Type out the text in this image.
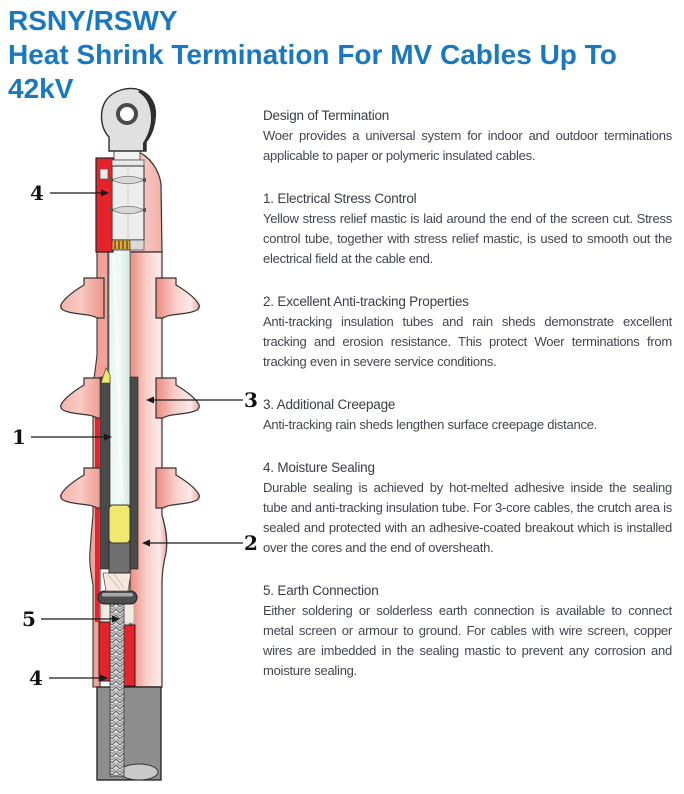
RSNY/RSWY
Heat Shrink Termination For MV Cables Up To 42kV
4
1
3
2
5
4
Design of Termination

Woer provides a universal system for indoor and outdoor terminations applicable to paper or polymeric insulated cables.

1. Electrical Stress Control

Yellow stress relief mastic is laid around the end of the screen cut. Stress control tube, together with stress relief mastic, is used to smooth out the electrical field at the cable end.

2. Excellent Anti-tracking Properties

Anti-tracking insulation tubes and rain sheds demonstrate excellent tracking and erosion resistance. This protect Woer terminations from tracking even in severe service conditions.

3. Additional Creepage

Anti-tracking rain sheds lengthen surface creepage distance.

4. Moisture Sealing

Durable sealing is achieved by hot-melted adhesive inside the sealing tube and anti-tracking insulation tube. For 3-core cables, the crutch area is sealed and protected with an adhesive-coated breakout which is installed over the cores and the end of oversheath.

5. Earth Connection

Either soldering or solderless earth connection is available to connect metal screen or armour to ground. For cables with wire screen, copper wires are imbedded in the sealing mastic to prevent any corrosion and moisture sealing.
